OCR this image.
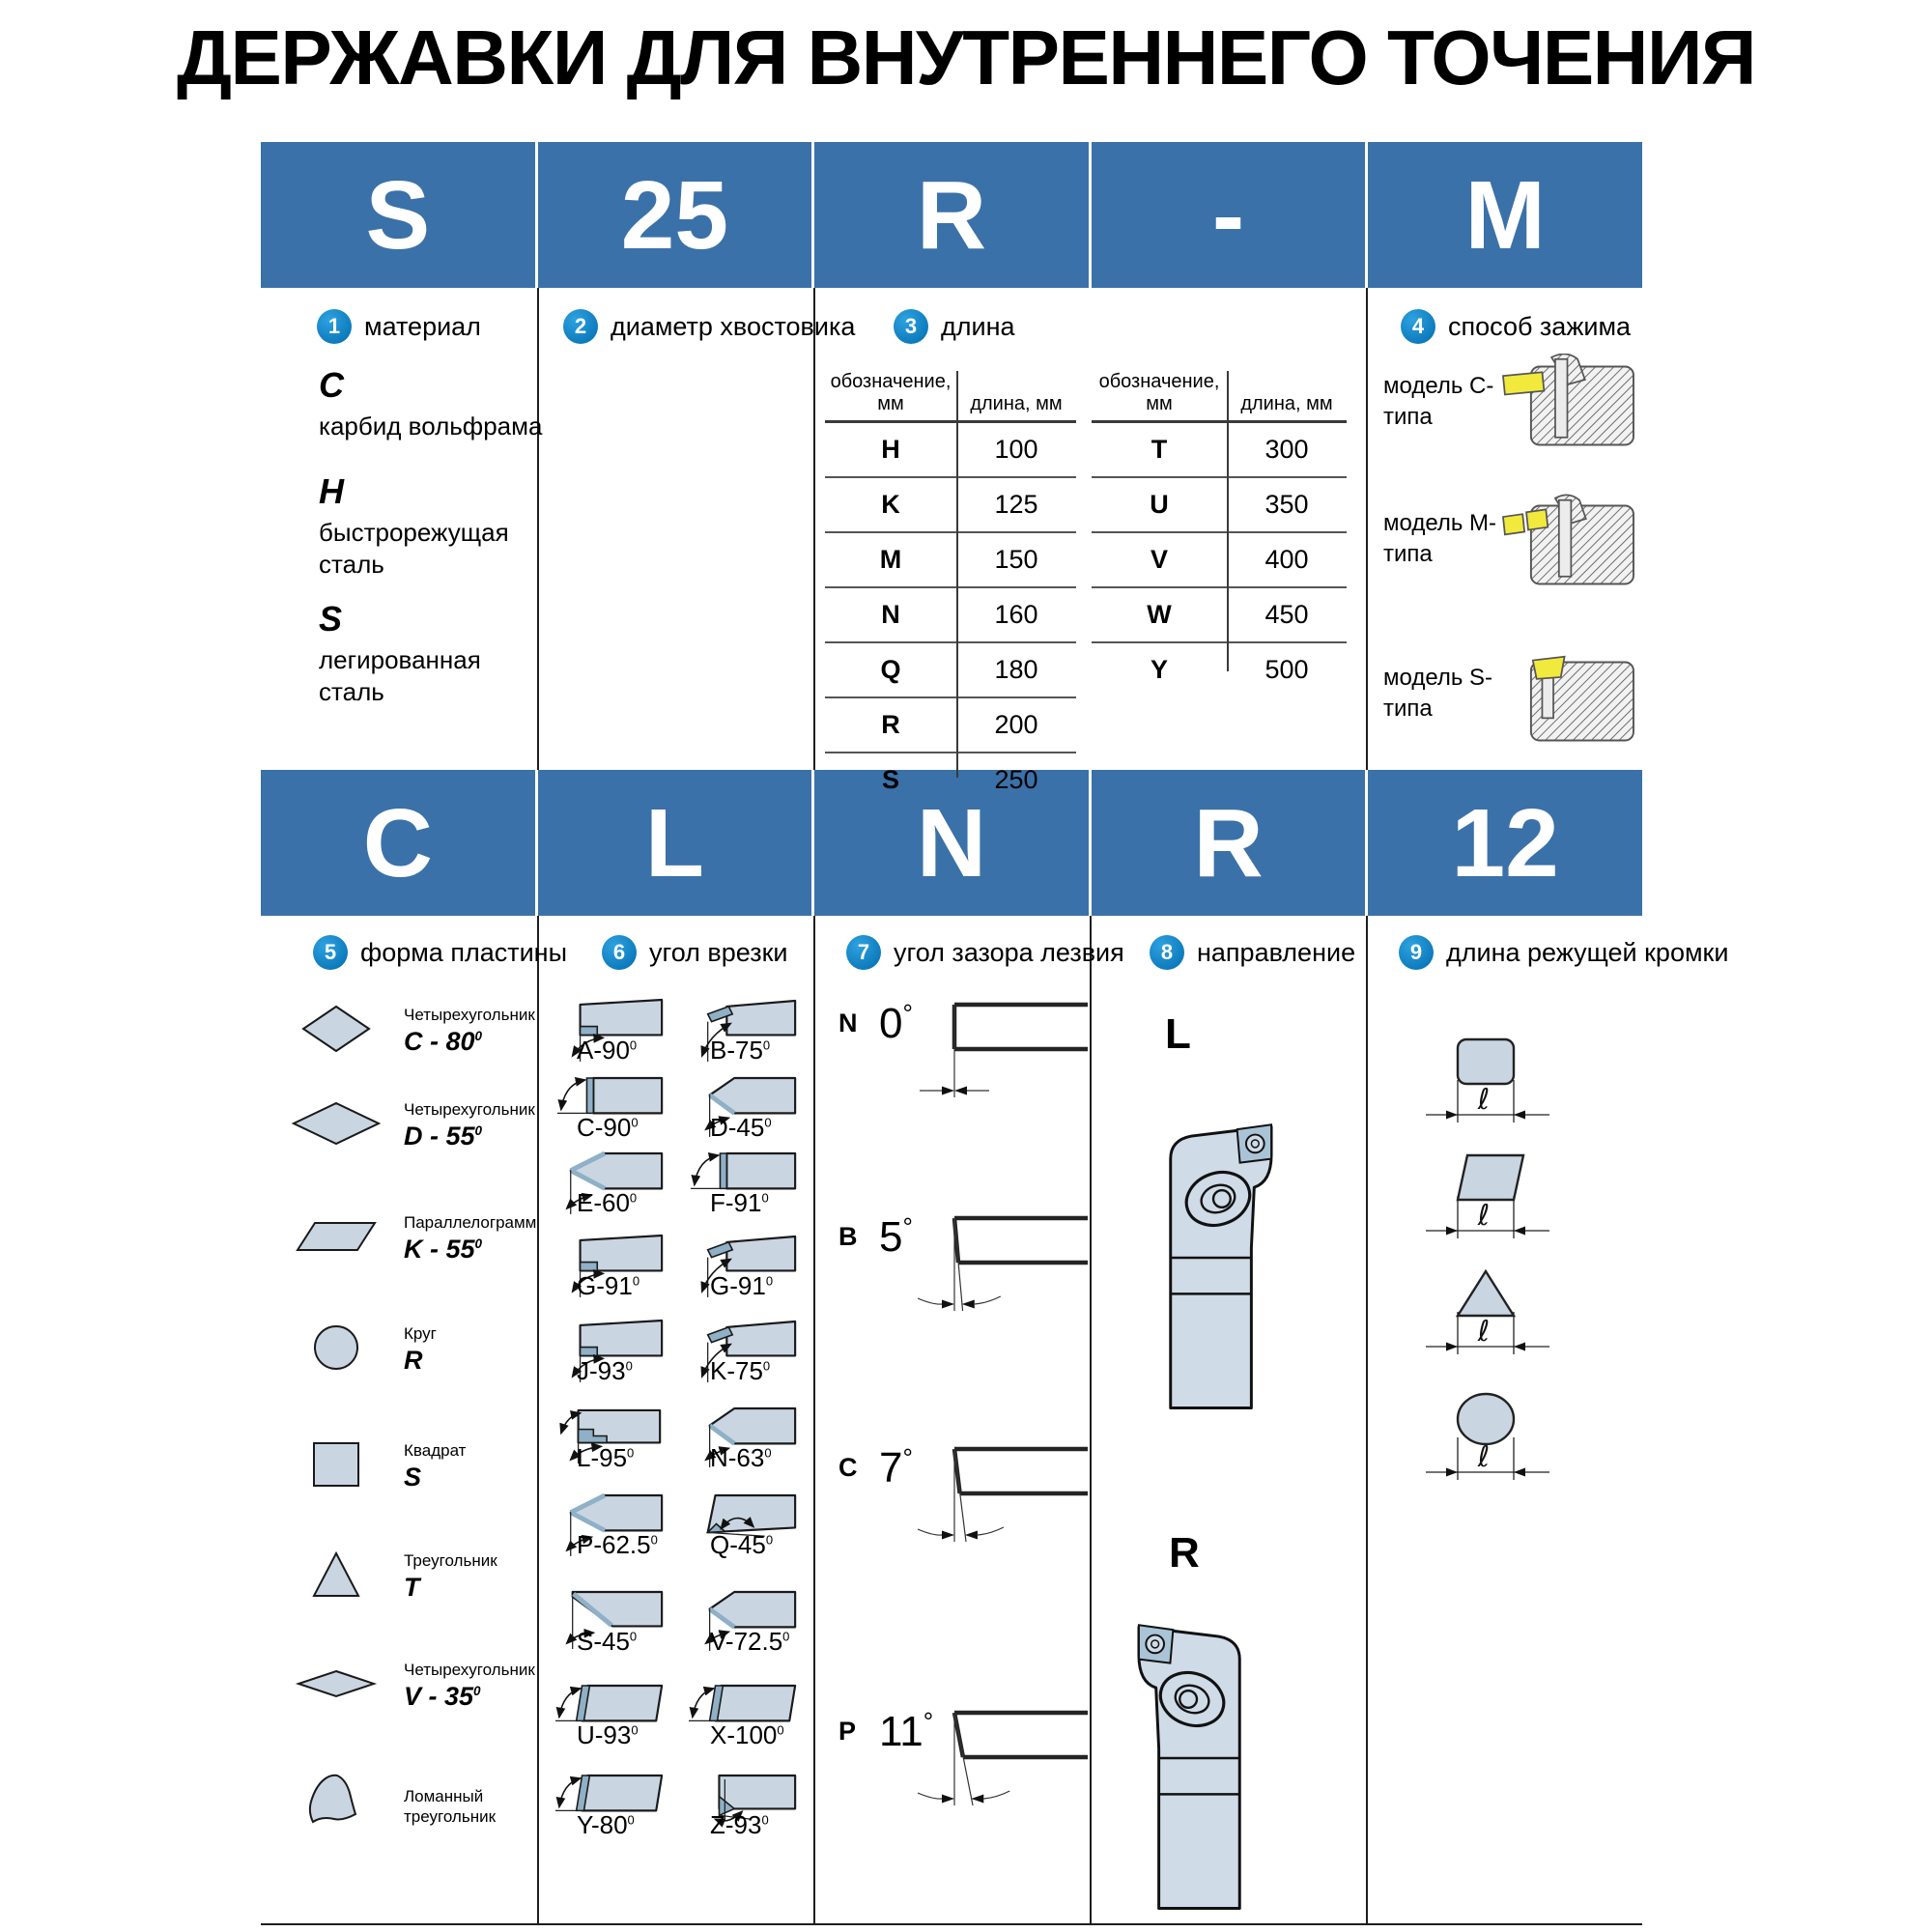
ДЕРЖАВКИ ДЛЯ ВНУТРЕННЕГО ТОЧЕНИЯ
S 25 R - M
C L N R 12
1 материал	2 диаметр хвостовика	3 длина	4 способ зажима
5 форма пластины	6 угол врезки	7 угол зазора лезвия	8 направление	9 длина режущей кромки
C
карбид вольфрама
H
быстрорежущая сталь
S
легированная сталь
обозначение, мм	длина, мм
H	100
K	125
M	150
N	160
Q	180
R	200
S	250
обозначение, мм	длина, мм
T	300
U	350
V	400
W	450
Y	500
модель C-типа
модель M-типа
модель S-типа
Четырехугольник
C - $80^0$
Четырехугольник
D - $55^0$
Параллелограмм
K - $55^0$
Круг
R
Квадрат
S
Треугольник
T
Четырехугольник
V - $35^0$
Ломанный треугольник
$A-90^0$	$B-75^0$
$C-90^0$	$D-45^0$
$E-60^0$	$F-91^0$
$G-91^0$	$G-91^0$
$J-93^0$	$K-75^0$
$L-95^0$	$N-63^0$
P-62.5$^0$ $Q-45^0$
$S-45^0$	V-72.5$^0$
$U-93^0$	$X-100^0$
$Y-80^0$	$Z-93^0$
N 0°
B 5°
C 7°
P 11°
L
R
ℓ
ℓ
ℓ
ℓ
